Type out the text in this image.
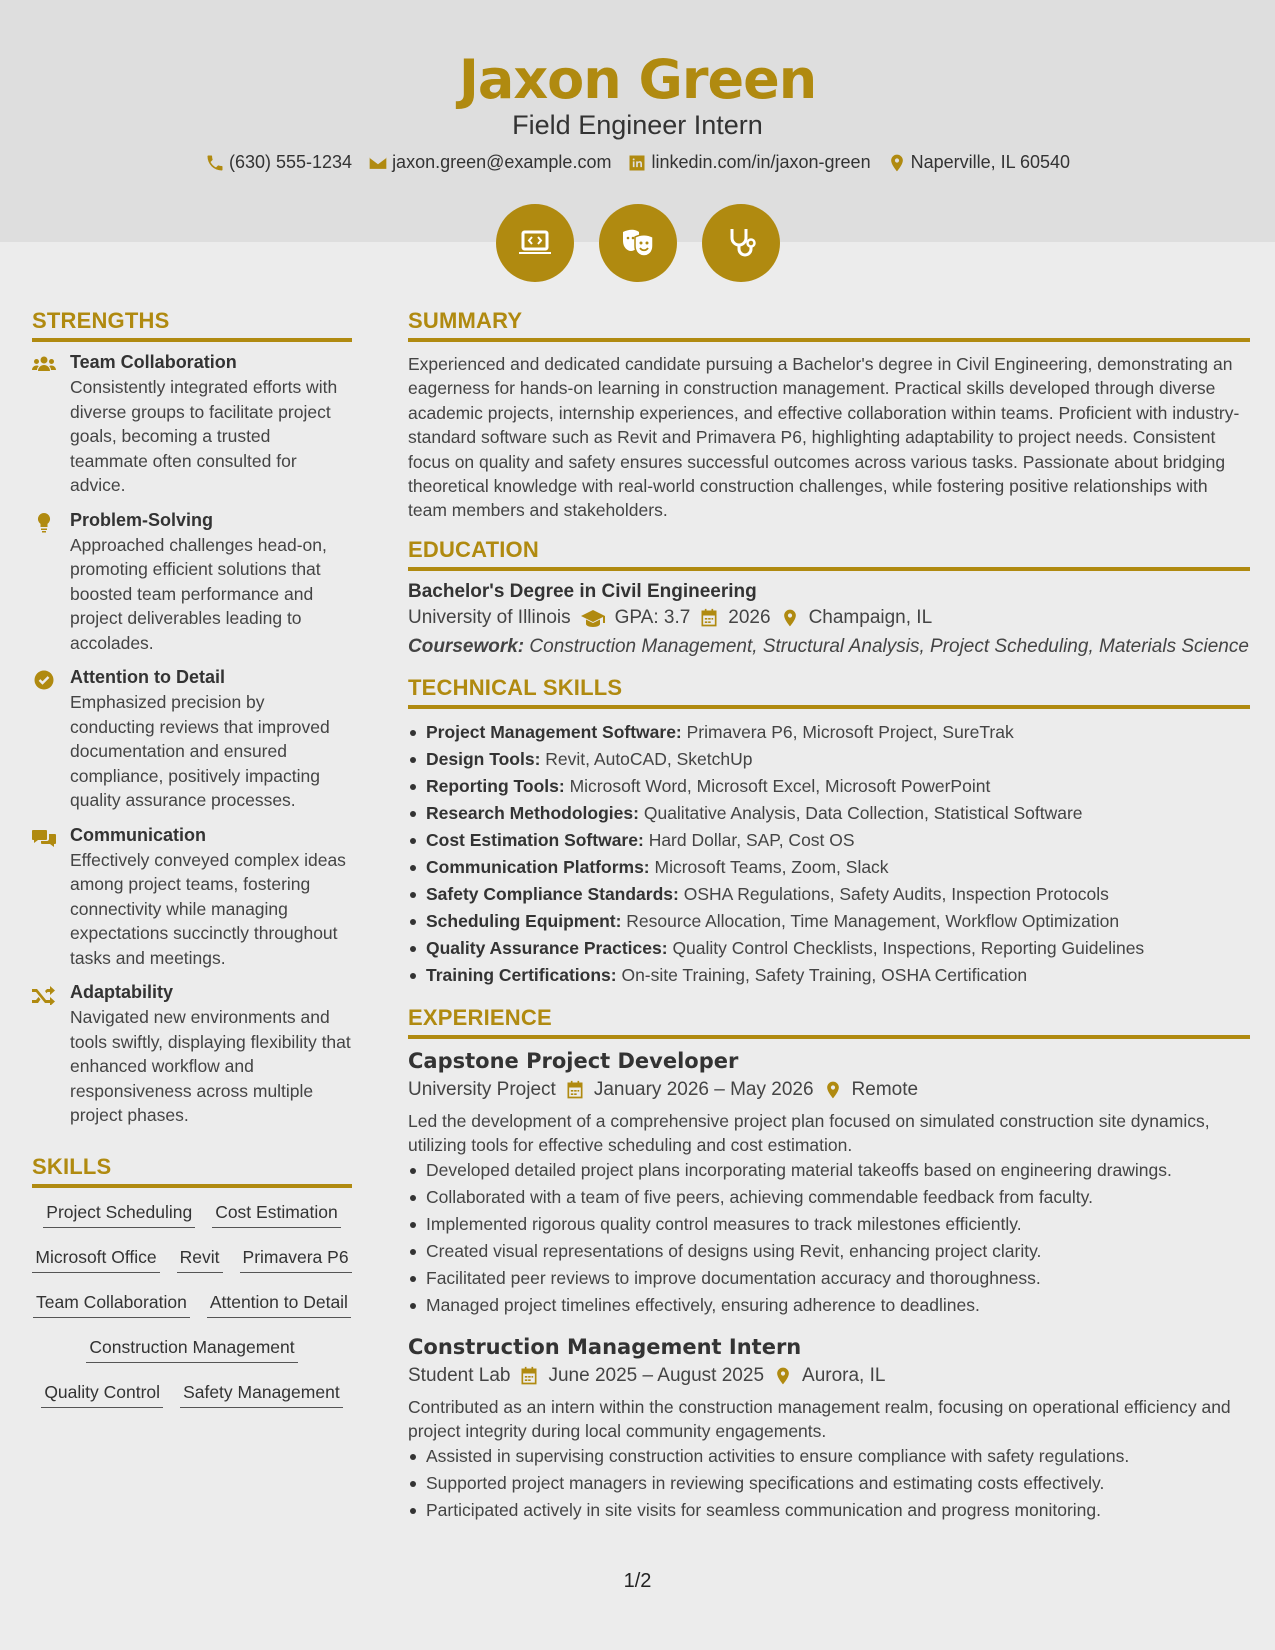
Jaxon Green
Field Engineer Intern
(630) 555-1234 jaxon.green@example.com linkedin.com/in/jaxon-green Naperville, IL 60540
STRENGTHS
Team Collaboration
Consistently integrated efforts with diverse groups to facilitate project goals, becoming a trusted teammate often consulted for advice.
Problem-Solving
Approached challenges head-on, promoting efficient solutions that boosted team performance and project deliverables leading to accolades.
Attention to Detail
Emphasized precision by conducting reviews that improved documentation and ensured compliance, positively impacting quality assurance processes.
Communication
Effectively conveyed complex ideas among project teams, fostering connectivity while managing expectations succinctly throughout tasks and meetings.
Adaptability
Navigated new environments and tools swiftly, displaying flexibility that enhanced workflow and responsiveness across multiple project phases.
SKILLS
Project Scheduling Cost Estimation
Microsoft Office Revit Primavera P6
Team Collaboration Attention to Detail
Construction Management
Quality Control Safety Management
SUMMARY
Experienced and dedicated candidate pursuing a Bachelor's degree in Civil Engineering, demonstrating an eagerness for hands-on learning in construction management. Practical skills developed through diverse academic projects, internship experiences, and effective collaboration within teams. Proficient with industry-standard software such as Revit and Primavera P6, highlighting adaptability to project needs. Consistent focus on quality and safety ensures successful outcomes across various tasks. Passionate about bridging theoretical knowledge with real-world construction challenges, while fostering positive relationships with team members and stakeholders.
EDUCATION
Bachelor's Degree in Civil Engineering
University of Illinois GPA: 3.7 2026 Champaign, IL
Coursework: Construction Management, Structural Analysis, Project Scheduling, Materials Science
TECHNICAL SKILLS
Project Management Software: Primavera P6, Microsoft Project, SureTrak
Design Tools: Revit, AutoCAD, SketchUp
Reporting Tools: Microsoft Word, Microsoft Excel, Microsoft PowerPoint
Research Methodologies: Qualitative Analysis, Data Collection, Statistical Software
Cost Estimation Software: Hard Dollar, SAP, Cost OS
Communication Platforms: Microsoft Teams, Zoom, Slack
Safety Compliance Standards: OSHA Regulations, Safety Audits, Inspection Protocols
Scheduling Equipment: Resource Allocation, Time Management, Workflow Optimization
Quality Assurance Practices: Quality Control Checklists, Inspections, Reporting Guidelines
Training Certifications: On-site Training, Safety Training, OSHA Certification
EXPERIENCE
Capstone Project Developer
University Project January 2026 – May 2026 Remote
Led the development of a comprehensive project plan focused on simulated construction site dynamics, utilizing tools for effective scheduling and cost estimation.
Developed detailed project plans incorporating material takeoffs based on engineering drawings.
Collaborated with a team of five peers, achieving commendable feedback from faculty.
Implemented rigorous quality control measures to track milestones efficiently.
Created visual representations of designs using Revit, enhancing project clarity.
Facilitated peer reviews to improve documentation accuracy and thoroughness.
Managed project timelines effectively, ensuring adherence to deadlines.
Construction Management Intern
Student Lab June 2025 – August 2025 Aurora, IL
Contributed as an intern within the construction management realm, focusing on operational efficiency and project integrity during local community engagements.
Assisted in supervising construction activities to ensure compliance with safety regulations.
Supported project managers in reviewing specifications and estimating costs effectively.
Participated actively in site visits for seamless communication and progress monitoring.
1/2
